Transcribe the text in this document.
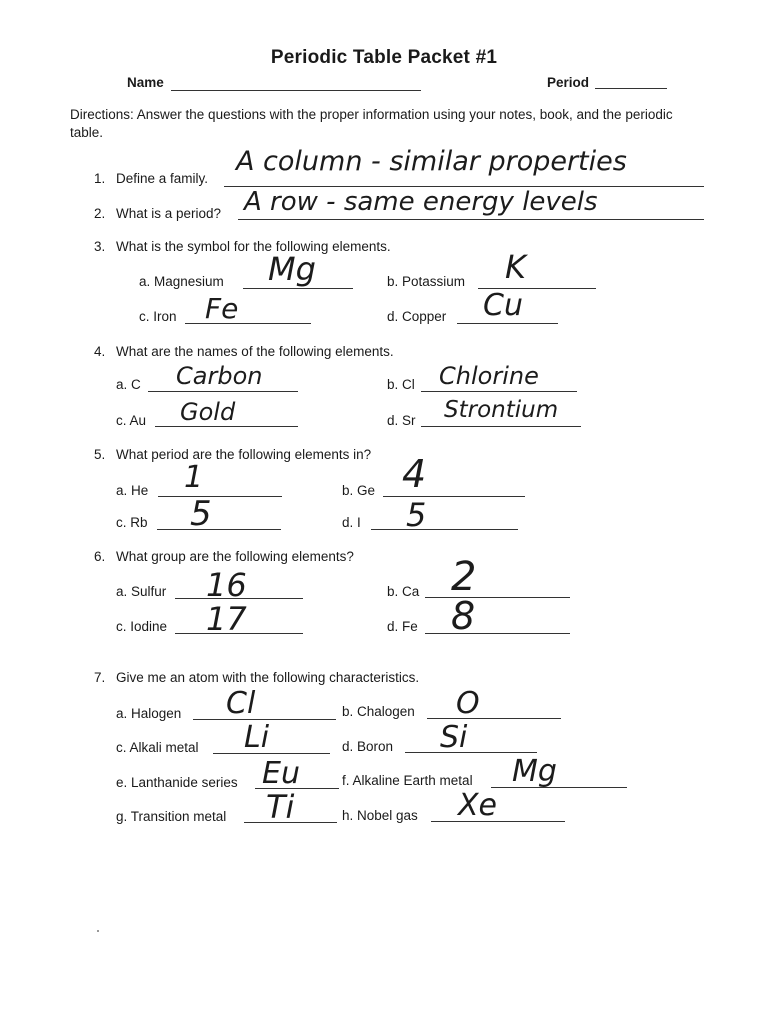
Periodic Table Packet #1
Name	Period
Directions: Answer the questions with the proper information using your notes, book, and the periodic table.
1. Define a family.
A column - similar properties
2. What is a period? A row - same energy levels
3. What is the symbol for the following elements.
a. Magnesium Mg	b. Potassium K
c. Iron Fe	d. Copper Cu
4. What are the names of the following elements.
a. C Carbon	b. Cl Chlorine
c. Au Gold	d. Sr Strontium
5. What period are the following elements in?
a. He 1	b. Ge 4
c. Rb 5	d. I 5
6. What group are the following elements?
a. Sulfur 16	b. Ca 2
c. Iodine 17	d. Fe 8
7. Give me an atom with the following characteristics.
a. Halogen Cl	b. Chalogen O
c. Alkali metal Li	d. Boron Si
e. Lanthanide series Eu	f. Alkaline Earth metal Mg
g. Transition metal Ti	h. Nobel gas Xe
